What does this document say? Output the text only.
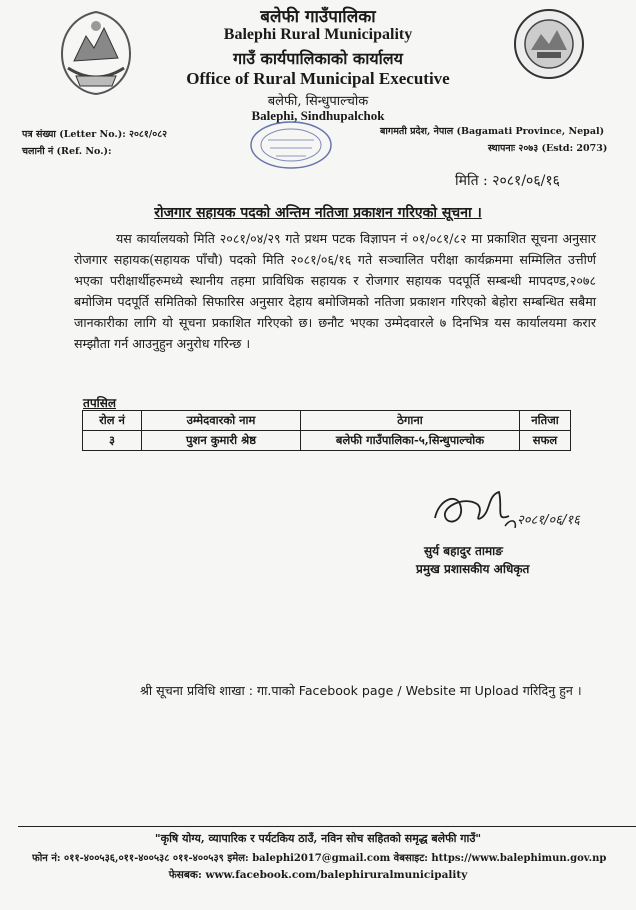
बलेफी गाउँपालिका
Balephi Rural Municipality
गाउँ कार्यपालिकाको कार्यालय
Office of Rural Municipal Executive
बलेफी, सिन्धुपाल्चोक
Balephi, Sindhupalchok
पत्र संख्या (Letter No.): २०८१/०८२
चलानी नं (Ref. No.):
बागमती प्रदेश, नेपाल (Bagamati Province, Nepal)
स्थापनाः २०७३ (Estd: 2073)
मिति : २०८१/०६/१६
रोजगार सहायक पदको अन्तिम नतिजा प्रकाशन गरिएको सूचना ।
यस कार्यालयको मिति २०८१/०४/२९ गते प्रथम पटक विज्ञापन नं ०१/०८१/८२ मा प्रकाशित सूचना अनुसार रोजगार सहायक(सहायक पाँचौ) पदको मिति २०८१/०६/१६ गते सञ्चालित परीक्षा कार्यक्रममा सम्मिलित उत्तीर्ण भएका परीक्षार्थीहरुमध्ये स्थानीय तहमा प्राविधिक सहायक र रोजगार सहायक पदपूर्ति सम्बन्धी मापदण्ड,२०७८ बमोजिम पदपूर्ति समितिको सिफारिस अनुसार देहाय बमोजिमको नतिजा प्रकाशन गरिएको बेहोरा सम्बन्धित सबैमा जानकारीका लागि यो सूचना प्रकाशित गरिएको छ। छनौट भएका उम्मेदवारले ७ दिनभित्र यस कार्यालयमा करार सम्झौता गर्न आउनुहुन अनुरोध गरिन्छ ।
तपसिल
रोल नं	उम्मेदवारको नाम	ठेगाना	नतिजा
३	पुशन कुमारी श्रेष्ठ	बलेफी गाउँपालिका-५,सिन्धुपाल्चोक	सफल
२०८१/०६/१६
सुर्य बहादुर तामाङ
प्रमुख प्रशासकीय अधिकृत
श्री सूचना प्रविधि शाखा : गा.पाको Facebook page / Website मा Upload गरिदिनु हुन ।
"कृषि योग्य, व्यापारिक र पर्यटकिय ठाउँ, नविन सोच सहितको समृद्ध बलेफी गाउँ"
फोन नं: ०११-४००५३६,०११-४००५३८ ०११-४००५३९ इमेल: balephi2017@gmail.com वेबसाइट: https://www.balephimun.gov.np
फेसबक: www.facebook.com/balephiruralmunicipality
